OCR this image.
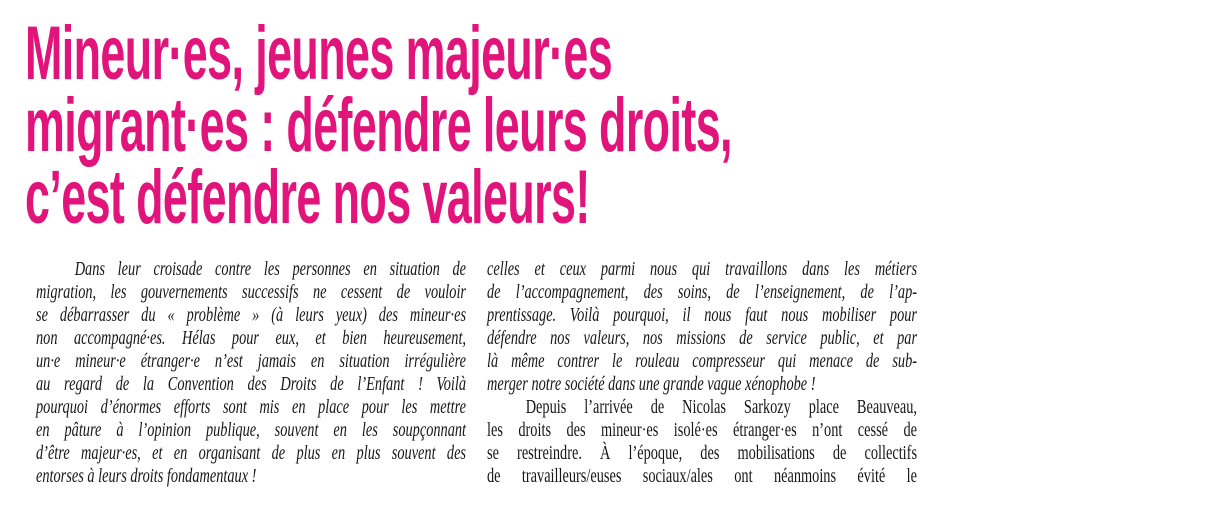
Mineur·es, jeunes majeur·es
migrant·es : défendre leurs droits,
c’est défendre nos valeurs!
Dans leur croisade contre les personnes en situation de
migration, les gouvernements successifs ne cessent de vouloir
se débarrasser du « problème » (à leurs yeux) des mineur·es
non accompagné·es. Hélas pour eux, et bien heureusement,
un·e mineur·e étranger·e n’est jamais en situation irrégulière
au regard de la Convention des Droits de l’Enfant ! Voilà
pourquoi d’énormes efforts sont mis en place pour les mettre
en pâture à l’opinion publique, souvent en les soupçonnant
d’être majeur·es, et en organisant de plus en plus souvent des
entorses à leurs droits fondamentaux !
celles et ceux parmi nous qui travaillons dans les métiers
de l’accompagnement, des soins, de l’enseignement, de l’ap-
prentissage. Voilà pourquoi, il nous faut nous mobiliser pour
défendre nos valeurs, nos missions de service public, et par
là même contrer le rouleau compresseur qui menace de sub-
merger notre société dans une grande vague xénophobe !
Depuis l’arrivée de Nicolas Sarkozy place Beauveau,
les droits des mineur·es isolé·es étranger·es n’ont cessé de
se restreindre. À l’époque, des mobilisations de collectifs
de travailleurs/euses sociaux/ales ont néanmoins évité le
